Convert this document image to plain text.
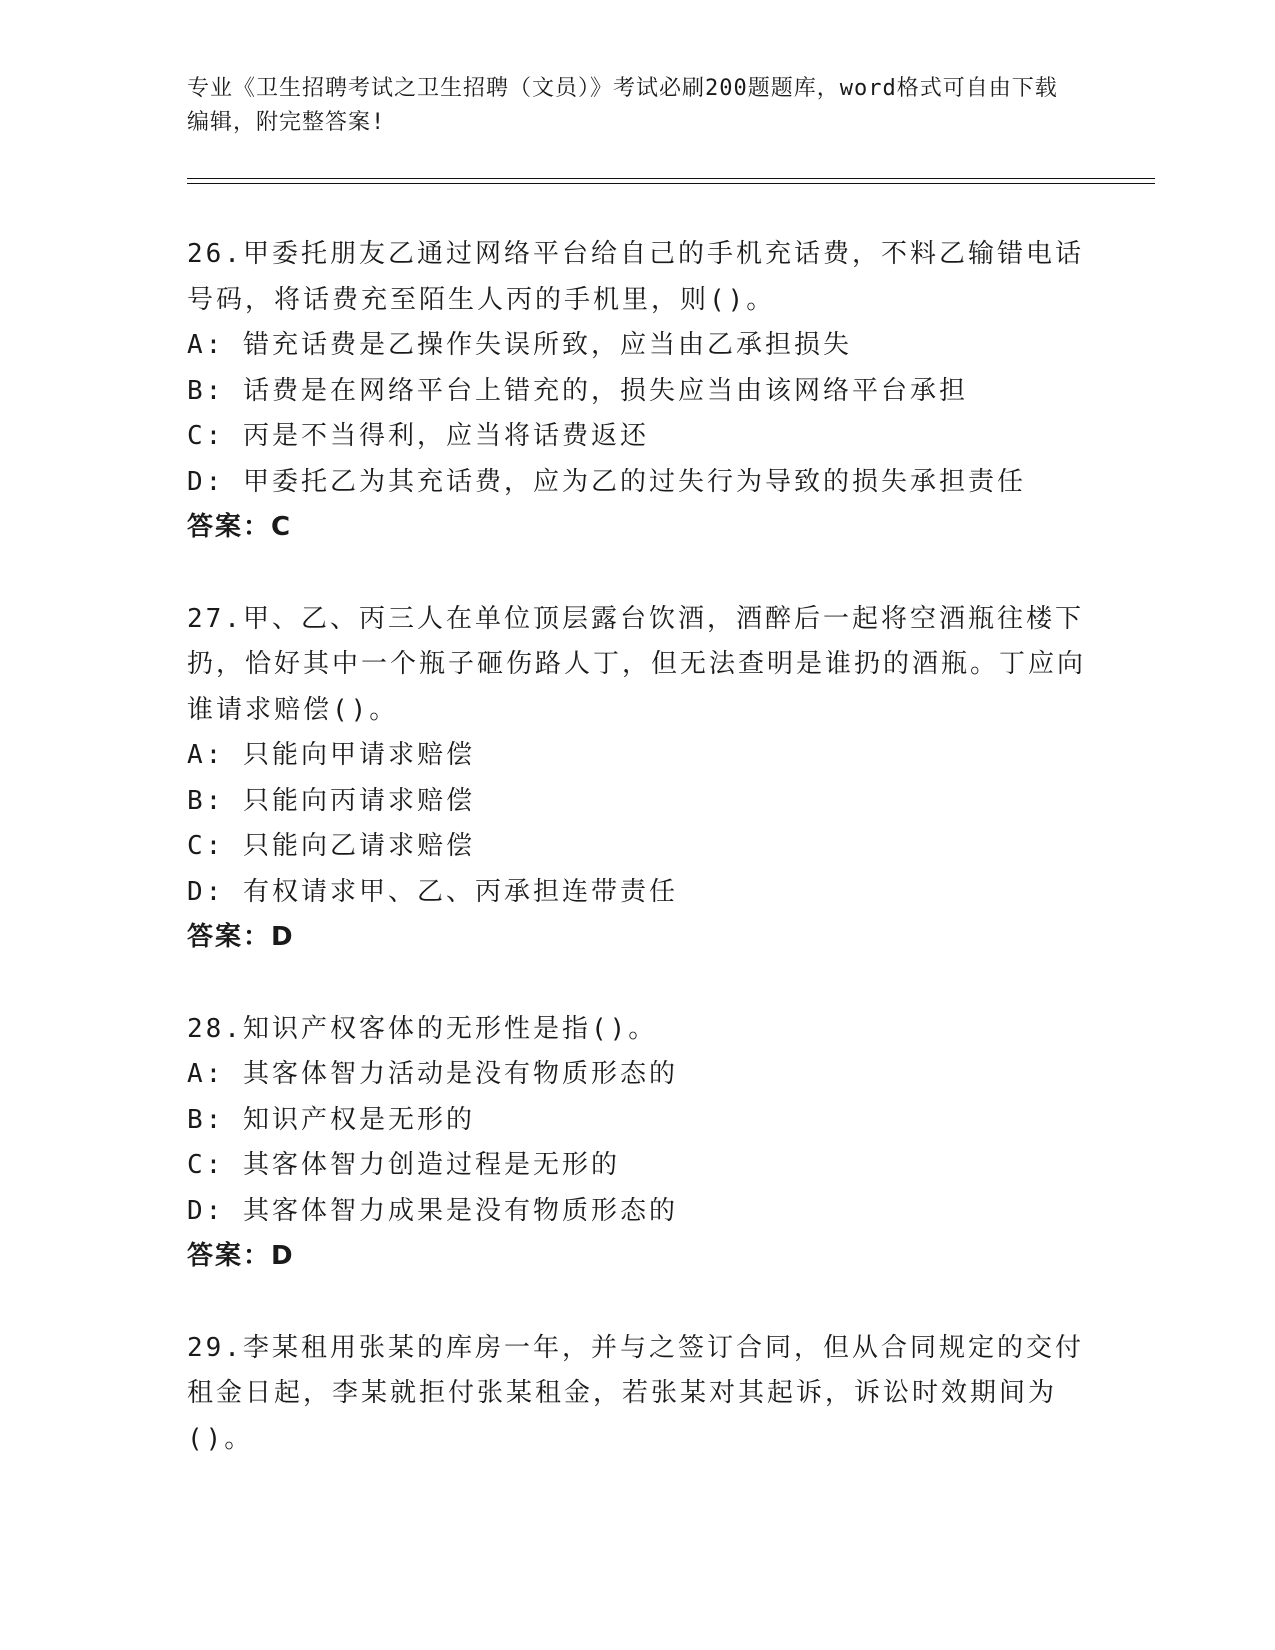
专业《卫生招聘考试之卫生招聘（文员）》考试必刷200题题库，word格式可自由下载编辑，附完整答案!
26.甲委托朋友乙通过网络平台给自己的手机充话费，不料乙输错电话号码，将话费充至陌生人丙的手机里，则()。
A: 错充话费是乙操作失误所致，应当由乙承担损失
B: 话费是在网络平台上错充的，损失应当由该网络平台承担
C: 丙是不当得利，应当将话费返还
D: 甲委托乙为其充话费，应为乙的过失行为导致的损失承担责任
答案：C
27.甲、乙、丙三人在单位顶层露台饮酒，酒醉后一起将空酒瓶往楼下扔，恰好其中一个瓶子砸伤路人丁，但无法查明是谁扔的酒瓶。丁应向谁请求赔偿()。
A: 只能向甲请求赔偿
B: 只能向丙请求赔偿
C: 只能向乙请求赔偿
D: 有权请求甲、乙、丙承担连带责任
答案：D
28.知识产权客体的无形性是指()。
A: 其客体智力活动是没有物质形态的
B: 知识产权是无形的
C: 其客体智力创造过程是无形的
D: 其客体智力成果是没有物质形态的
答案：D
29.李某租用张某的库房一年，并与之签订合同，但从合同规定的交付租金日起，李某就拒付张某租金，若张某对其起诉，诉讼时效期间为()。
